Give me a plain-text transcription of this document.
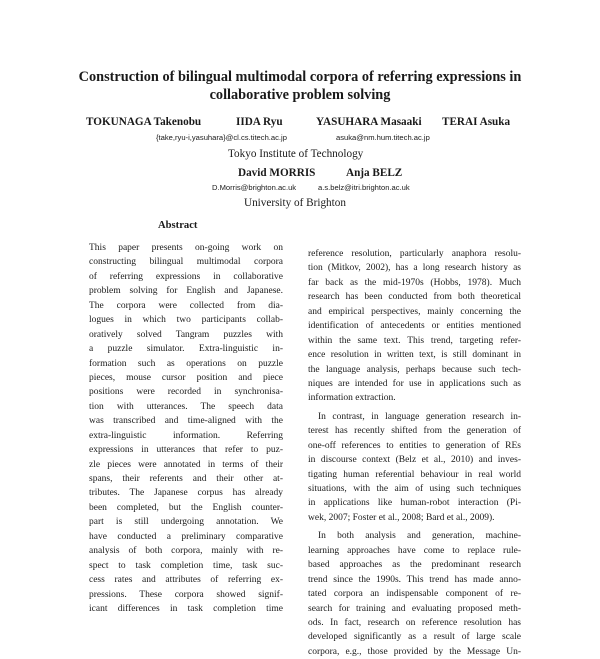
Construction of bilingual multimodal corpora of referring expressions in
collaborative problem solving
TOKUNAGA Takenobu	IIDA Ryu	YASUHARA Masaaki TERAI Asuka
{take,ryu-i,yasuhara}@cl.cs.titech.ac.jp	asuka@nm.hum.titech.ac.jp
Tokyo Institute of Technology
David MORRIS	Anja BELZ
D.Morris@brighton.ac.uk	a.s.belz@itri.brighton.ac.uk
University of Brighton
Abstract
This paper presents on-going work on
constructing bilingual multimodal corpora
of referring expressions in collaborative
problem solving for English and Japanese.
The corpora were collected from dia-
logues in which two participants collab-
oratively solved Tangram puzzles with
a puzzle simulator. Extra-linguistic in-
formation such as operations on puzzle
pieces, mouse cursor position and piece
positions were recorded in synchronisa-
tion with utterances. The speech data
was transcribed and time-aligned with the
extra-linguistic information. Referring
expressions in utterances that refer to puz-
zle pieces were annotated in terms of their
spans, their referents and their other at-
tributes. The Japanese corpus has already
been completed, but the English counter-
part is still undergoing annotation. We
have conducted a preliminary comparative
analysis of both corpora, mainly with re-
spect to task completion time, task suc-
cess rates and attributes of referring ex-
pressions. These corpora showed signif-
icant differences in task completion time
reference resolution, particularly anaphora resolu-
tion (Mitkov, 2002), has a long research history as
far back as the mid-1970s (Hobbs, 1978). Much
research has been conducted from both theoretical
and empirical perspectives, mainly concerning the
identification of antecedents or entities mentioned
within the same text. This trend, targeting refer-
ence resolution in written text, is still dominant in
the language analysis, perhaps because such tech-
niques are intended for use in applications such as
information extraction.
In contrast, in language generation research in-
terest has recently shifted from the generation of
one-off references to entities to generation of REs
in discourse context (Belz et al., 2010) and inves-
tigating human referential behaviour in real world
situations, with the aim of using such techniques
in applications like human-robot interaction (Pi-
wek, 2007; Foster et al., 2008; Bard et al., 2009).
In both analysis and generation, machine-
learning approaches have come to replace rule-
based approaches as the predominant research
trend since the 1990s. This trend has made anno-
tated corpora an indispensable component of re-
search for training and evaluating proposed meth-
ods. In fact, research on reference resolution has
developed significantly as a result of large scale
corpora, e.g., those provided by the Message Un-
